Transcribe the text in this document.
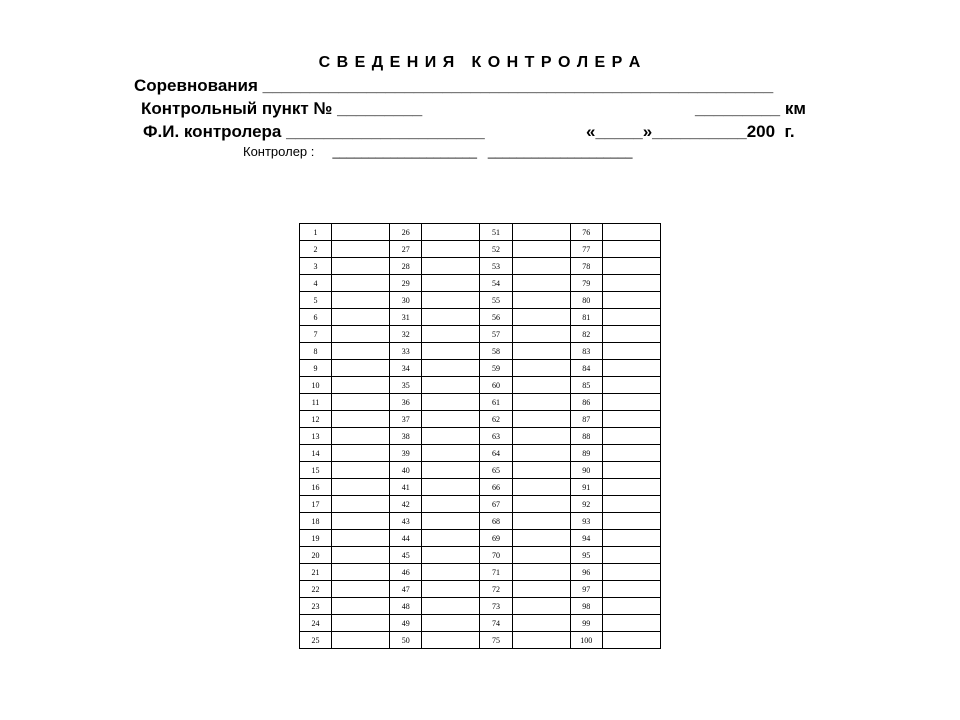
С В Е Д Е Н И Я   К О Н Т Р О Л Е Р А
Соревнования ______________________________________________________
Контрольный пункт № _________	_________ км
Ф.И. контролера _____________________	«_____»__________200  г.
Контролер :     ____________________   ____________________
1		26		51		76	
2		27		52		77	
3		28		53		78	
4		29		54		79	
5		30		55		80	
6		31		56		81	
7		32		57		82	
8		33		58		83	
9		34		59		84	
10		35		60		85	
11		36		61		86	
12		37		62		87	
13		38		63		88	
14		39		64		89	
15		40		65		90	
16		41		66		91	
17		42		67		92	
18		43		68		93	
19		44		69		94	
20		45		70		95	
21		46		71		96	
22		47		72		97	
23		48		73		98	
24		49		74		99	
25		50		75		100	
